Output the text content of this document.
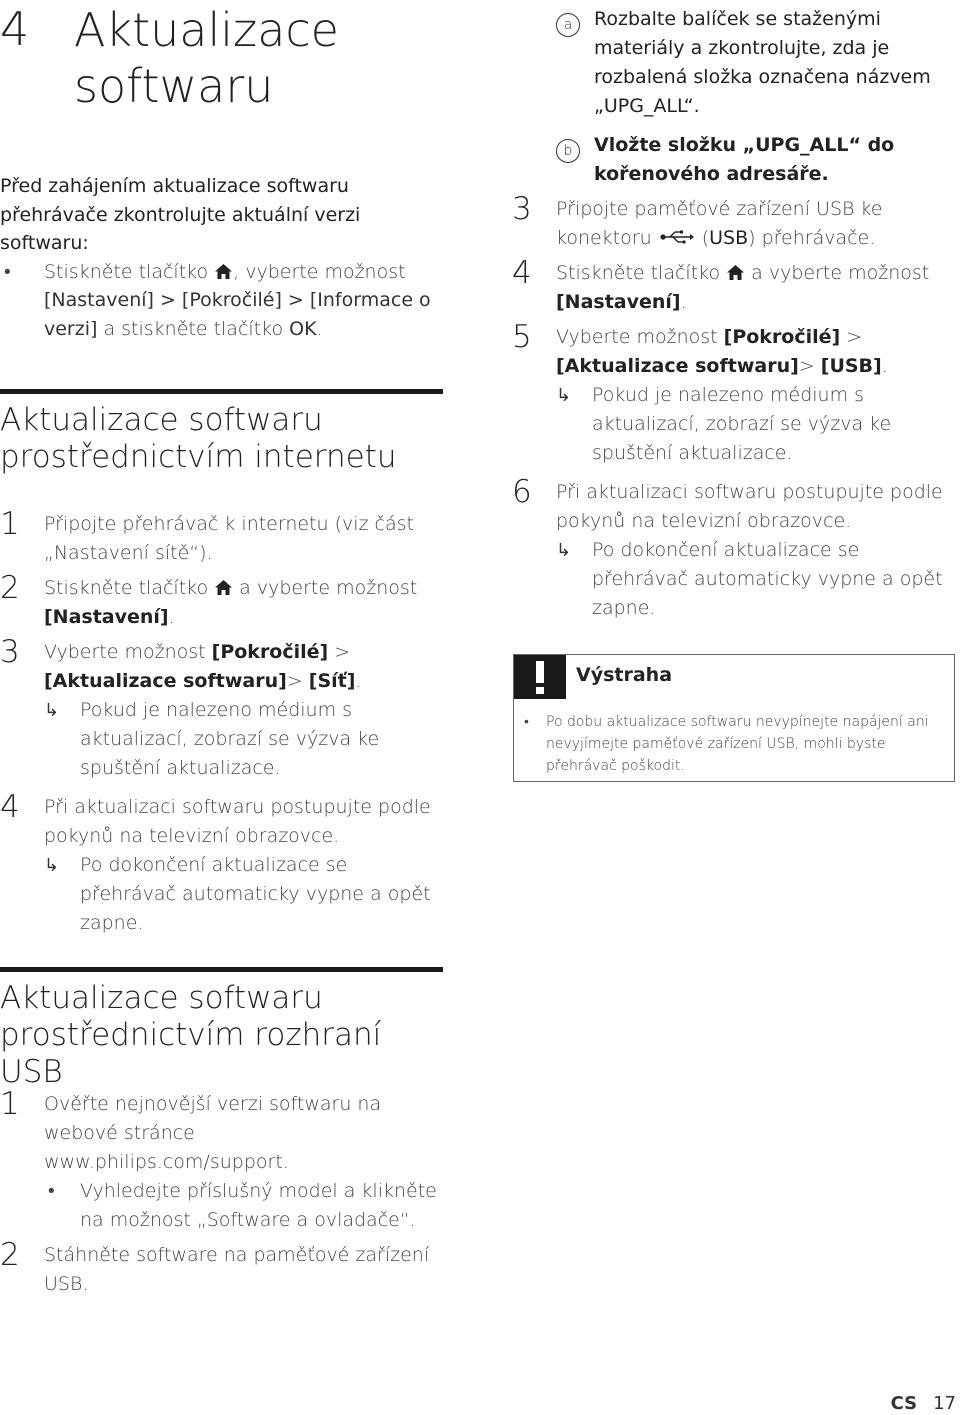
4 Aktualizace softwaru
Před zahájením aktualizace softwaru přehrávače zkontrolujte aktuální verzi softwaru:
• Stiskněte tlačítko , vyberte možnost [Nastavení] > [Pokročilé] > [Informace o verzi] a stiskněte tlačítko OK.
Aktualizace softwaru prostřednictvím internetu
1 Připojte přehrávač k internetu (viz část „Nastavení sítě“).
2 Stiskněte tlačítko  a vyberte možnost [Nastavení].
3 Vyberte možnost [Pokročilé] > [Aktualizace softwaru]> [Síť].
↳ Pokud je nalezeno médium s aktualizací, zobrazí se výzva ke spuštění aktualizace.
4 Při aktualizaci softwaru postupujte podle pokynů na televizní obrazovce.
↳ Po dokončení aktualizace se přehrávač automaticky vypne a opět zapne.
Aktualizace softwaru prostřednictvím rozhraní USB
1 Ověřte nejnovější verzi softwaru na webové stránce www.philips.com/support.
• Vyhledejte příslušný model a klikněte na možnost „Software a ovladače“.
2 Stáhněte software na paměťové zařízení USB.
a	Rozbalte balíček se staženými materiály a zkontrolujte, zda je rozbalená složka označena názvem „UPG_ALL“.
b	Vložte složku „UPG_ALL“ do kořenového adresáře.
3 Připojte paměťové zařízení USB ke konektoru  (USB) přehrávače.
4 Stiskněte tlačítko  a vyberte možnost [Nastavení].
5 Vyberte možnost [Pokročilé] > [Aktualizace softwaru]> [USB].
↳ Pokud je nalezeno médium s aktualizací, zobrazí se výzva ke spuštění aktualizace.
6 Při aktualizaci softwaru postupujte podle pokynů na televizní obrazovce.
↳ Po dokončení aktualizace se přehrávač automaticky vypne a opět zapne.
Výstraha
• Po dobu aktualizace softwaru nevypínejte napájení ani nevyjímejte paměťové zařízení USB, mohli byste přehrávač poškodit.
CS 17
